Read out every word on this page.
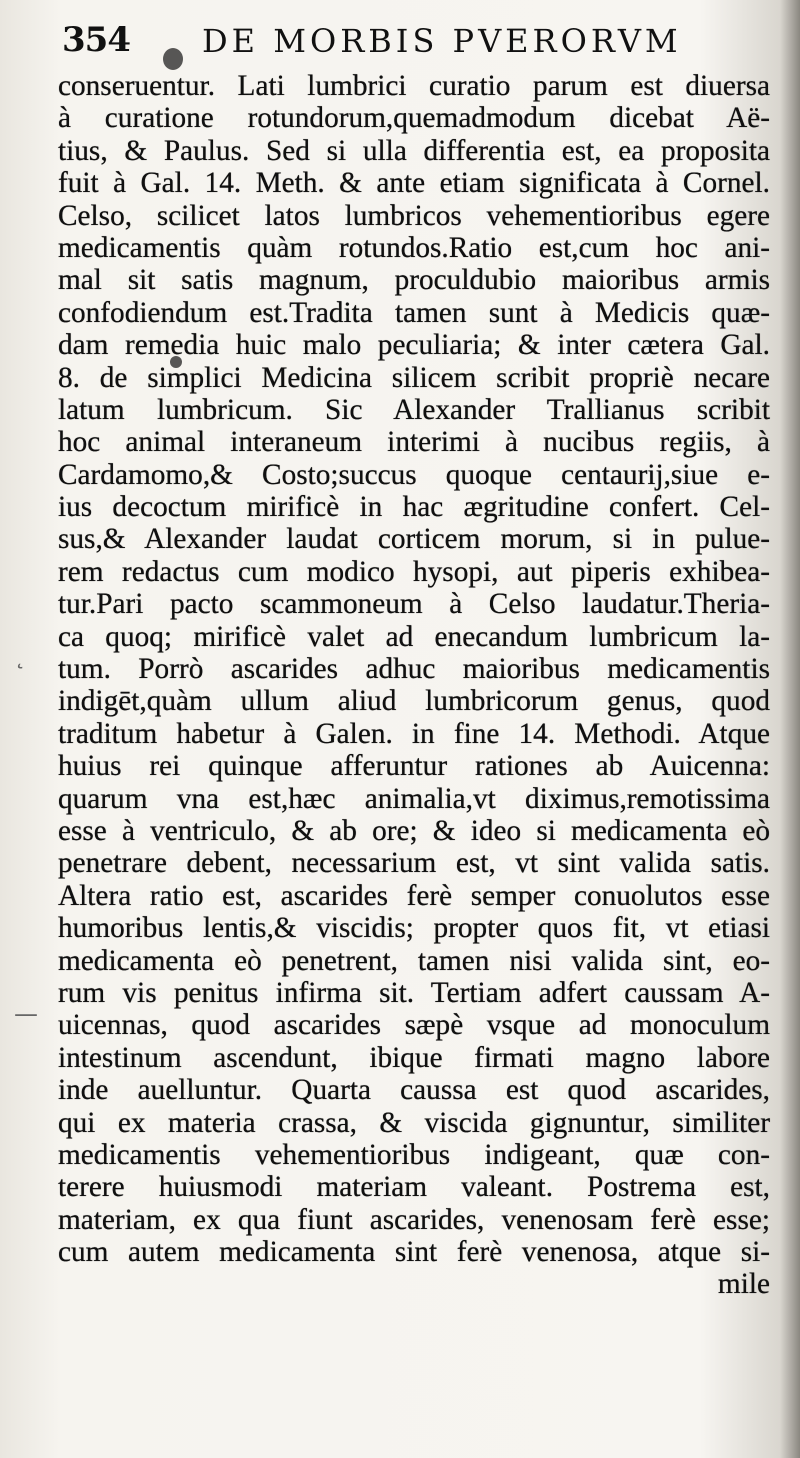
354 DE MORBIS PVERORVM
˛
—
conseruentur. Lati lumbrici curatio parum est diuersa
à curatione rotundorum,quemadmodum dicebat Aë-
tius, & Paulus. Sed si ulla differentia est, ea proposita
fuit à Gal. 14. Meth. & ante etiam significata à Cornel.
Celso, scilicet latos lumbricos vehementioribus egere
medicamentis quàm rotundos.Ratio est,cum hoc ani-
mal sit satis magnum, proculdubio maioribus armis
confodiendum est.Tradita tamen sunt à Medicis quæ-
dam remedia huic malo peculiaria; & inter cætera Gal.
8. de simplici Medicina silicem scribit propriè necare
latum lumbricum. Sic Alexander Trallianus scribit
hoc animal interaneum interimi à nucibus regiis, à
Cardamomo,& Costo;succus quoque centaurij,siue e-
ius decoctum mirificè in hac ægritudine confert. Cel-
sus,& Alexander laudat corticem morum, si in pulue-
rem redactus cum modico hysopi, aut piperis exhibea-
tur.Pari pacto scammoneum à Celso laudatur.Theria-
ca quoq; mirificè valet ad enecandum lumbricum la-
tum. Porrò ascarides adhuc maioribus medicamentis
indigēt,quàm ullum aliud lumbricorum genus, quod
traditum habetur à Galen. in fine 14. Methodi. Atque
huius rei quinque afferuntur rationes ab Auicenna:
quarum vna est,hæc animalia,vt diximus,remotissima
esse à ventriculo, & ab ore; & ideo si medicamenta eò
penetrare debent, necessarium est, vt sint valida satis.
Altera ratio est, ascarides ferè semper conuolutos esse
humoribus lentis,& viscidis; propter quos fit, vt etiasi
medicamenta eò penetrent, tamen nisi valida sint, eo-
rum vis penitus infirma sit. Tertiam adfert caussam A-
uicennas, quod ascarides sæpè vsque ad monoculum
intestinum ascendunt, ibique firmati magno labore
inde auelluntur. Quarta caussa est quod ascarides,
qui ex materia crassa, & viscida gignuntur, similiter
medicamentis vehementioribus indigeant, quæ con-
terere huiusmodi materiam valeant. Postrema est,
materiam, ex qua fiunt ascarides, venenosam ferè esse;
cum autem medicamenta sint ferè venenosa, atque si-
mile
